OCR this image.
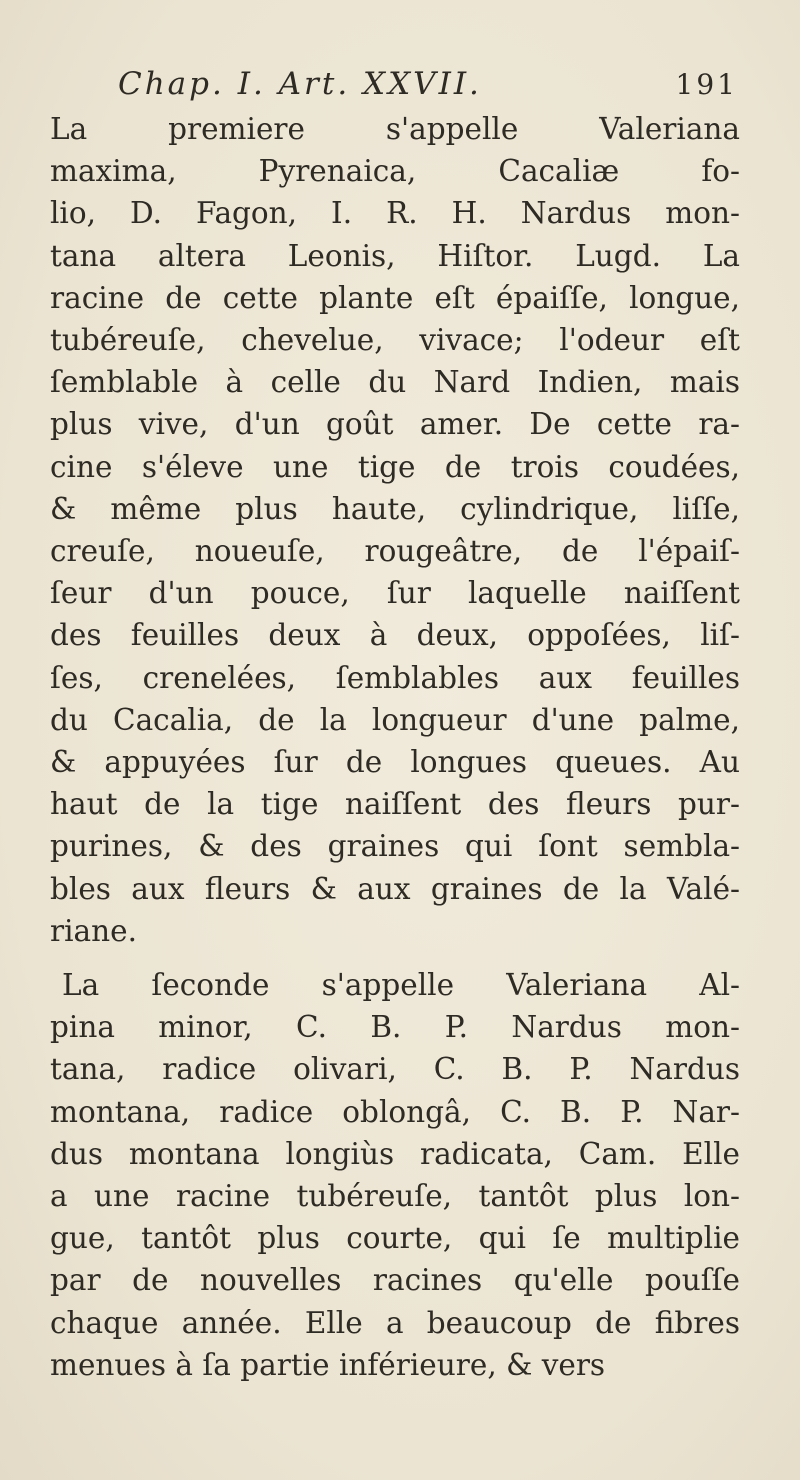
Chap. I. Art. XXVII.	191
La premiere s'appelle Valeriana
maxima, Pyrenaica, Cacaliæ fo-
lio, D. Fagon, I. R. H. Nardus mon-
tana altera Leonis, Hiſtor. Lugd. La
racine de cette plante eſt épaiſſe, longue,
tubéreuſe, chevelue, vivace; l'odeur eſt
ſemblable à celle du Nard Indien, mais
plus vive, d'un goût amer. De cette ra-
cine s'éleve une tige de trois coudées,
& même plus haute, cylindrique, liſſe,
creuſe, noueuſe, rougeâtre, de l'épaiſ-
ſeur d'un pouce, ſur laquelle naiſſent
des feuilles deux à deux, oppoſées, liſ-
ſes, crenelées, ſemblables aux feuilles
du Cacalia, de la longueur d'une palme,
& appuyées ſur de longues queues. Au
haut de la tige naiſſent des fleurs pur-
purines, & des graines qui ſont sembla-
bles aux fleurs & aux graines de la Valé-
riane.
La ſeconde s'appelle Valeriana Al-
pina minor, C. B. P. Nardus mon-
tana, radice olivari, C. B. P. Nardus
montana, radice oblongâ, C. B. P. Nar-
dus montana longiùs radicata, Cam. Elle
a une racine tubéreuſe, tantôt plus lon-
gue, tantôt plus courte, qui ſe multiplie
par de nouvelles racines qu'elle pouſſe
chaque année. Elle a beaucoup de fibres
menues à ſa partie inférieure, & vers
